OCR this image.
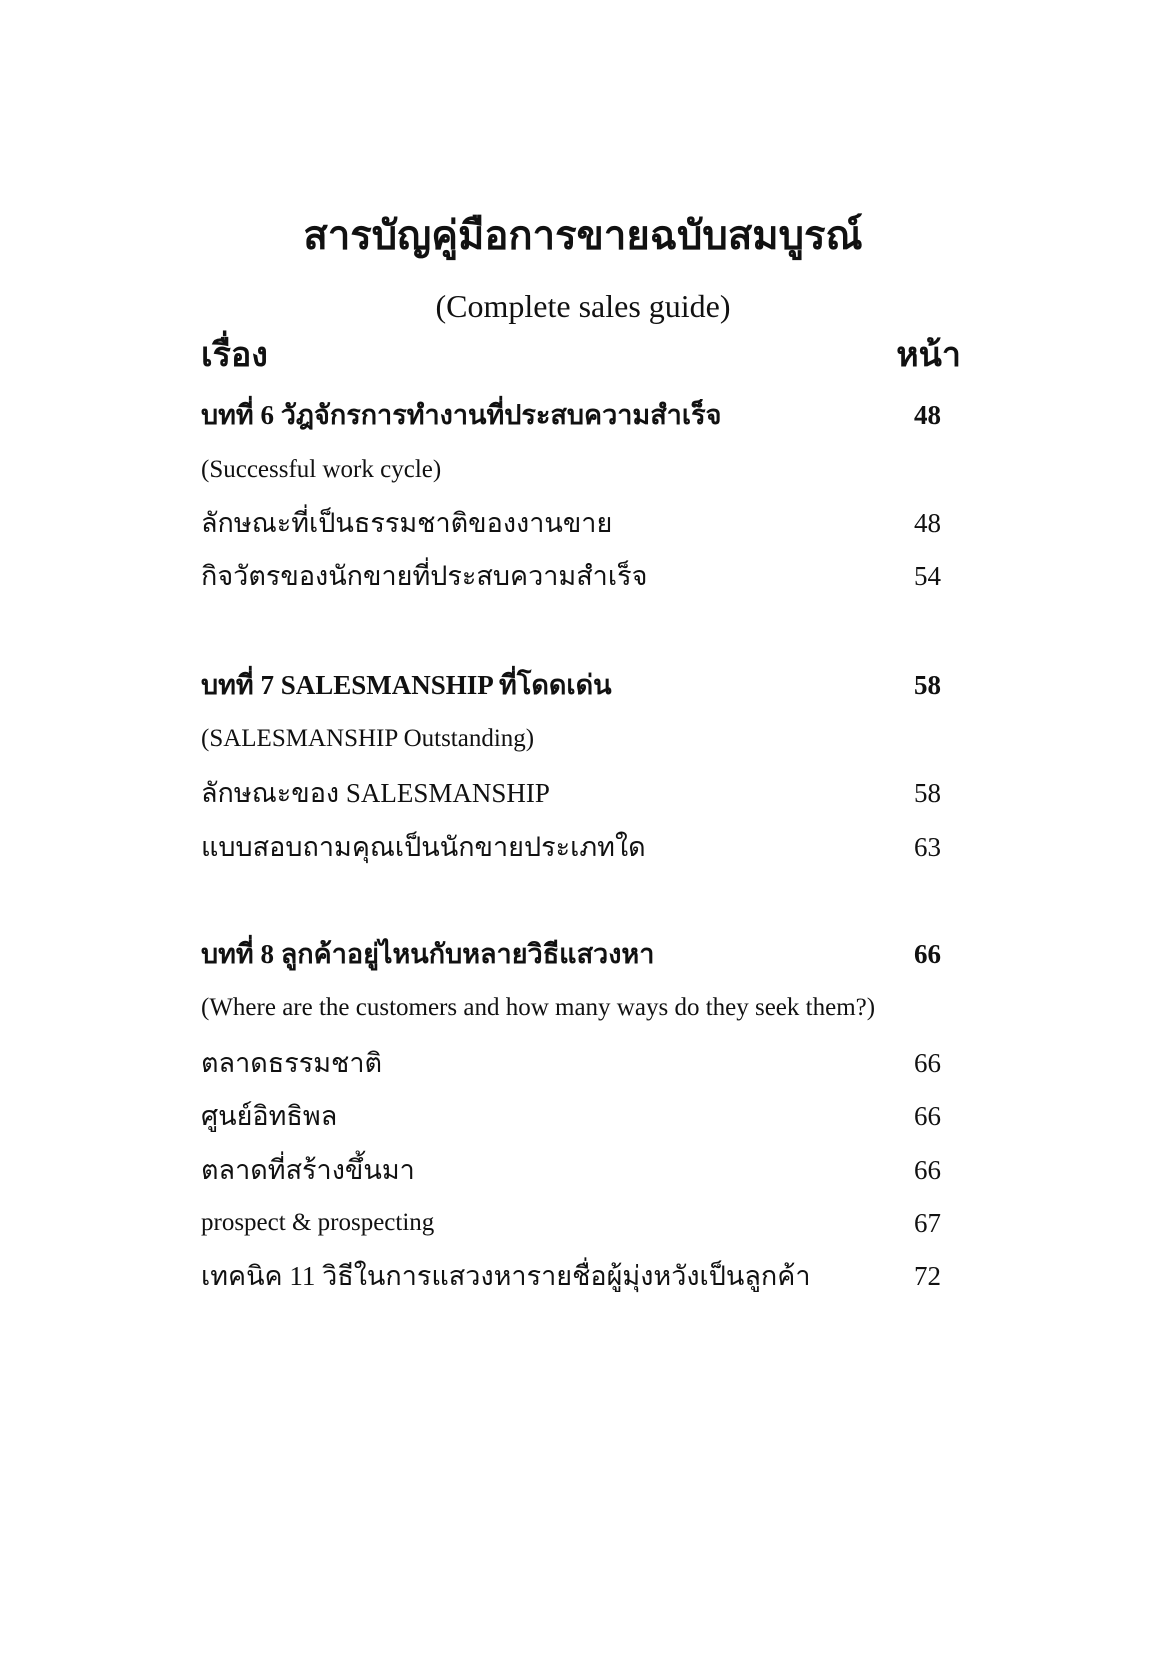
สารบัญคู่มือการขายฉบับสมบูรณ์
(Complete sales guide)
เรื่อง	หน้า
บทที่ 6 วัฎจักรการทำงานที่ประสบความสำเร็จ	48
(Successful work cycle)
ลักษณะที่เป็นธรรมชาติของงานขาย	48
กิจวัตรของนักขายที่ประสบความสำเร็จ	54
บทที่ 7 SALESMANSHIP ที่โดดเด่น	58
(SALESMANSHIP Outstanding)
ลักษณะของ SALESMANSHIP	58
แบบสอบถามคุณเป็นนักขายประเภทใด	63
บทที่ 8 ลูกค้าอยู่ไหนกับหลายวิธีแสวงหา	66
(Where are the customers and how many ways do they seek them?)
ตลาดธรรมชาติ	66
ศูนย์อิทธิพล	66
ตลาดที่สร้างขึ้นมา	66
prospect & prospecting	67
เทคนิค 11 วิธีในการแสวงหารายชื่อผู้มุ่งหวังเป็นลูกค้า	72
